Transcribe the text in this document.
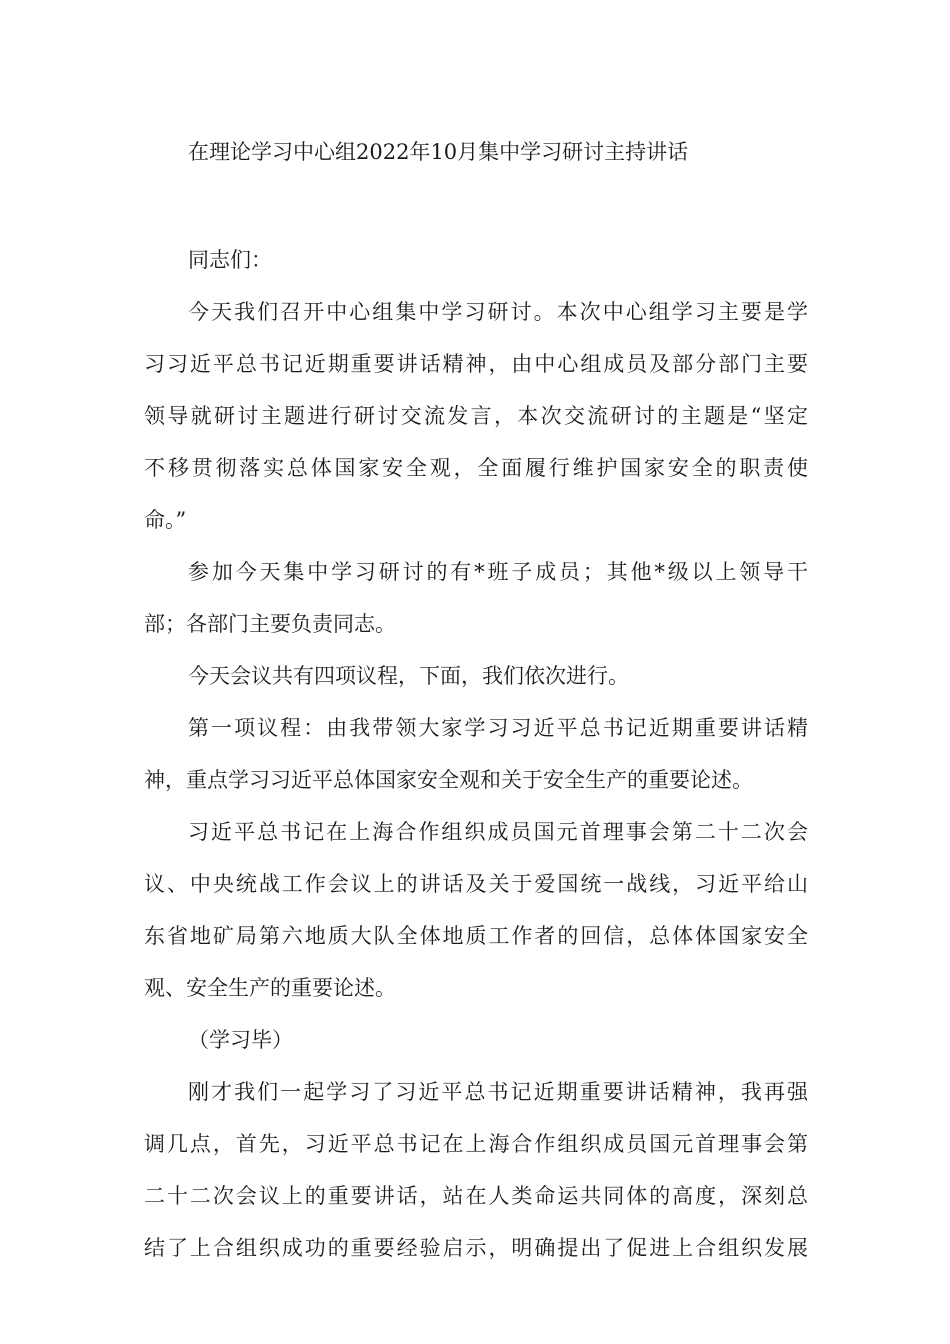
在理论学习中心组2022年10月集中学习研讨主持讲话
同志们：
今天我们召开中心组集中学习研讨。本次中心组学习主要是学
习习近平总书记近期重要讲话精神，由中心组成员及部分部门主要
领导就研讨主题进行研讨交流发言，本次交流研讨的主题是“坚定
不移贯彻落实总体国家安全观，全面履行维护国家安全的职责使
命。”
参加今天集中学习研讨的有*班子成员；其他*级以上领导干
部；各部门主要负责同志。
今天会议共有四项议程，下面，我们依次进行。
第一项议程：由我带领大家学习习近平总书记近期重要讲话精
神，重点学习习近平总体国家安全观和关于安全生产的重要论述。
习近平总书记在上海合作组织成员国元首理事会第二十二次会
议、中央统战工作会议上的讲话及关于爱国统一战线，习近平给山
东省地矿局第六地质大队全体地质工作者的回信，总体体国家安全
观、安全生产的重要论述。
（学习毕）
刚才我们一起学习了习近平总书记近期重要讲话精神，我再强
调几点，首先，习近平总书记在上海合作组织成员国元首理事会第
二十二次会议上的重要讲话，站在人类命运共同体的高度，深刻总
结了上合组织成功的重要经验启示，明确提出了促进上合组织发展
